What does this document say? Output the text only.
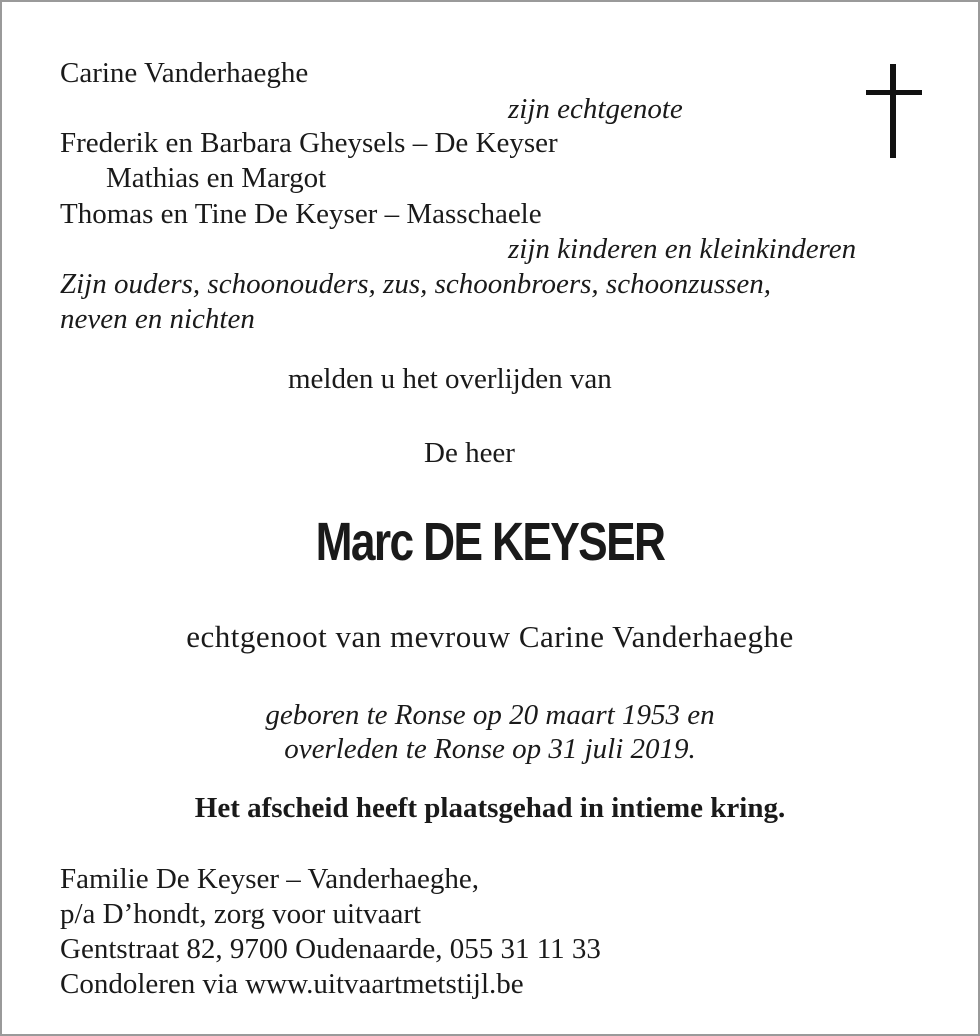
Carine Vanderhaeghe
zijn echtgenote
Frederik en Barbara Gheysels – De Keyser
Mathias en Margot
Thomas en Tine De Keyser – Masschaele
zijn kinderen en kleinkinderen
Zijn ouders, schoonouders, zus, schoonbroers, schoonzussen,
neven en nichten
melden u het overlijden van
De heer
Marc DE KEYSER
echtgenoot van mevrouw Carine Vanderhaeghe
geboren te Ronse op 20 maart 1953 en
overleden te Ronse op 31 juli 2019.
Het afscheid heeft plaatsgehad in intieme kring.
Familie De Keyser – Vanderhaeghe,
p/a D’hondt, zorg voor uitvaart
Gentstraat 82, 9700 Oudenaarde, 055 31 11 33
Condoleren via www.uitvaartmetstijl.be
